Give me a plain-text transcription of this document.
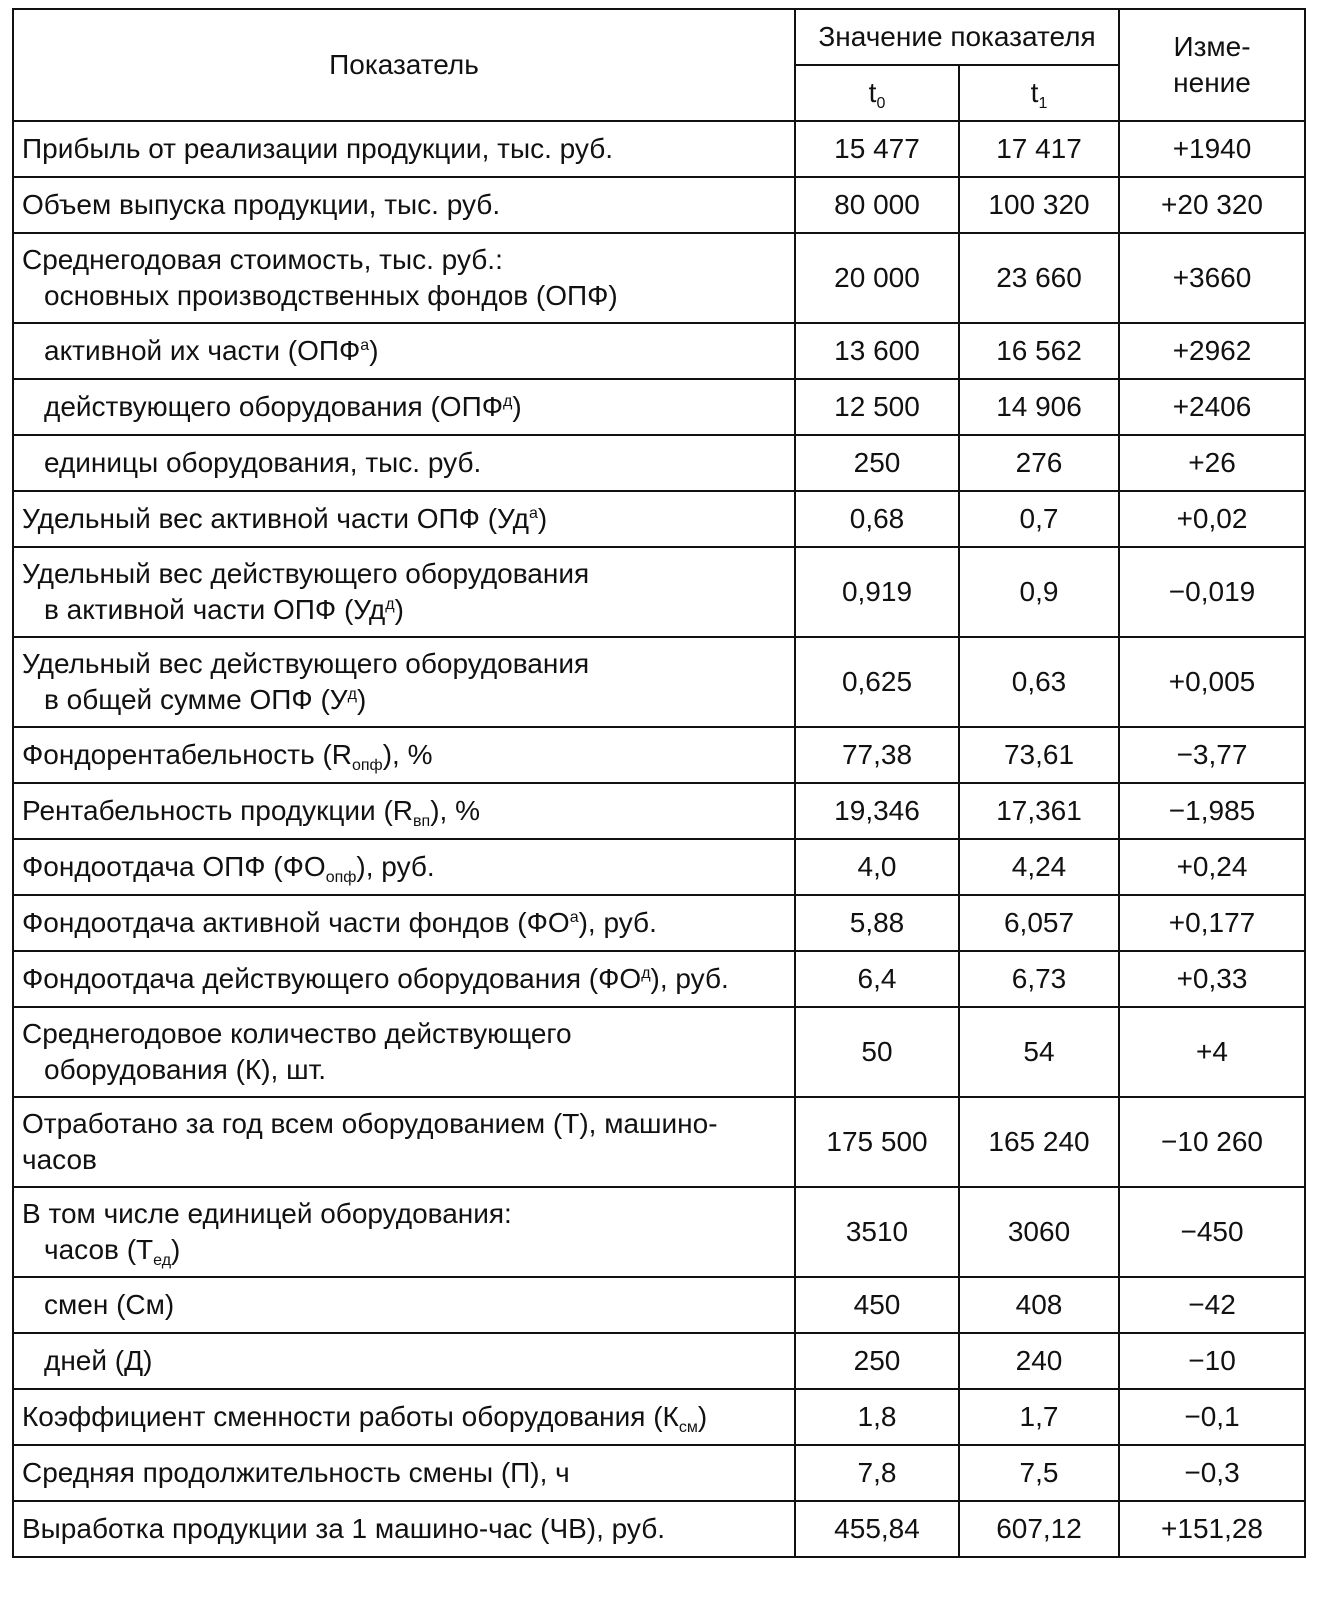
Показатель	Значение показателя		Изме-
нение

	$t_0$	$t_1$
Прибыль от реализации продукции, тыс. руб.	15 477	17 417	+1940
Объем выпуска продукции, тыс. руб.	80 000	100 320	+20 320
Среднегодовая стоимость, тыс. руб.:
основных производственных фондов (ОПФ)	20 000	23 660	+3660
активной их части $(ОПФ^а)$	13 600	16 562	+2962
действующего оборудования $(ОПФ^д)$	12 500	14 906	+2406
единицы оборудования, тыс. руб.	250	276	+26
Удельный вес активной части ОПФ $(Уд^а)$	0,68	0,7	+0,02
Удельный вес действующего оборудования
в активной части ОПФ $(Уд^д)$	0,919	0,9	−0,019
Удельный вес действующего оборудования
в общей сумме ОПФ $(У^д)$	0,625	0,63	+0,005
Фондорентабельность $(R_{опф})$, %	77,38	73,61	−3,77
Рентабельность продукции $(R_{вп})$, %	19,346	17,361	−1,985
Фондоотдача ОПФ $(ФО_{опф})$, руб.	4,0	4,24	+0,24
Фондоотдача активной части фондов $(ФО^а)$, руб.	5,88	6,057	+0,177
Фондоотдача действующего оборудования $(ФО^д)$, руб.	6,4	6,73	+0,33
Среднегодовое количество действующего
оборудования (К), шт.	50	54	+4
Отработано за год всем оборудованием (Т), машино-
часов	175 500	165 240	−10 260
В том числе единицей оборудования:
часов $(Т_{ед})$	3510	3060	−450
смен (См)	450	408	−42
дней (Д)	250	240	−10
Коэффициент сменности работы оборудования $(К_{см})$	1,8	1,7	−0,1
Средняя продолжительность смены (П), ч	7,8	7,5	−0,3
Выработка продукции за 1 машино-час (ЧВ), руб.	455,84	607,12	+151,28
